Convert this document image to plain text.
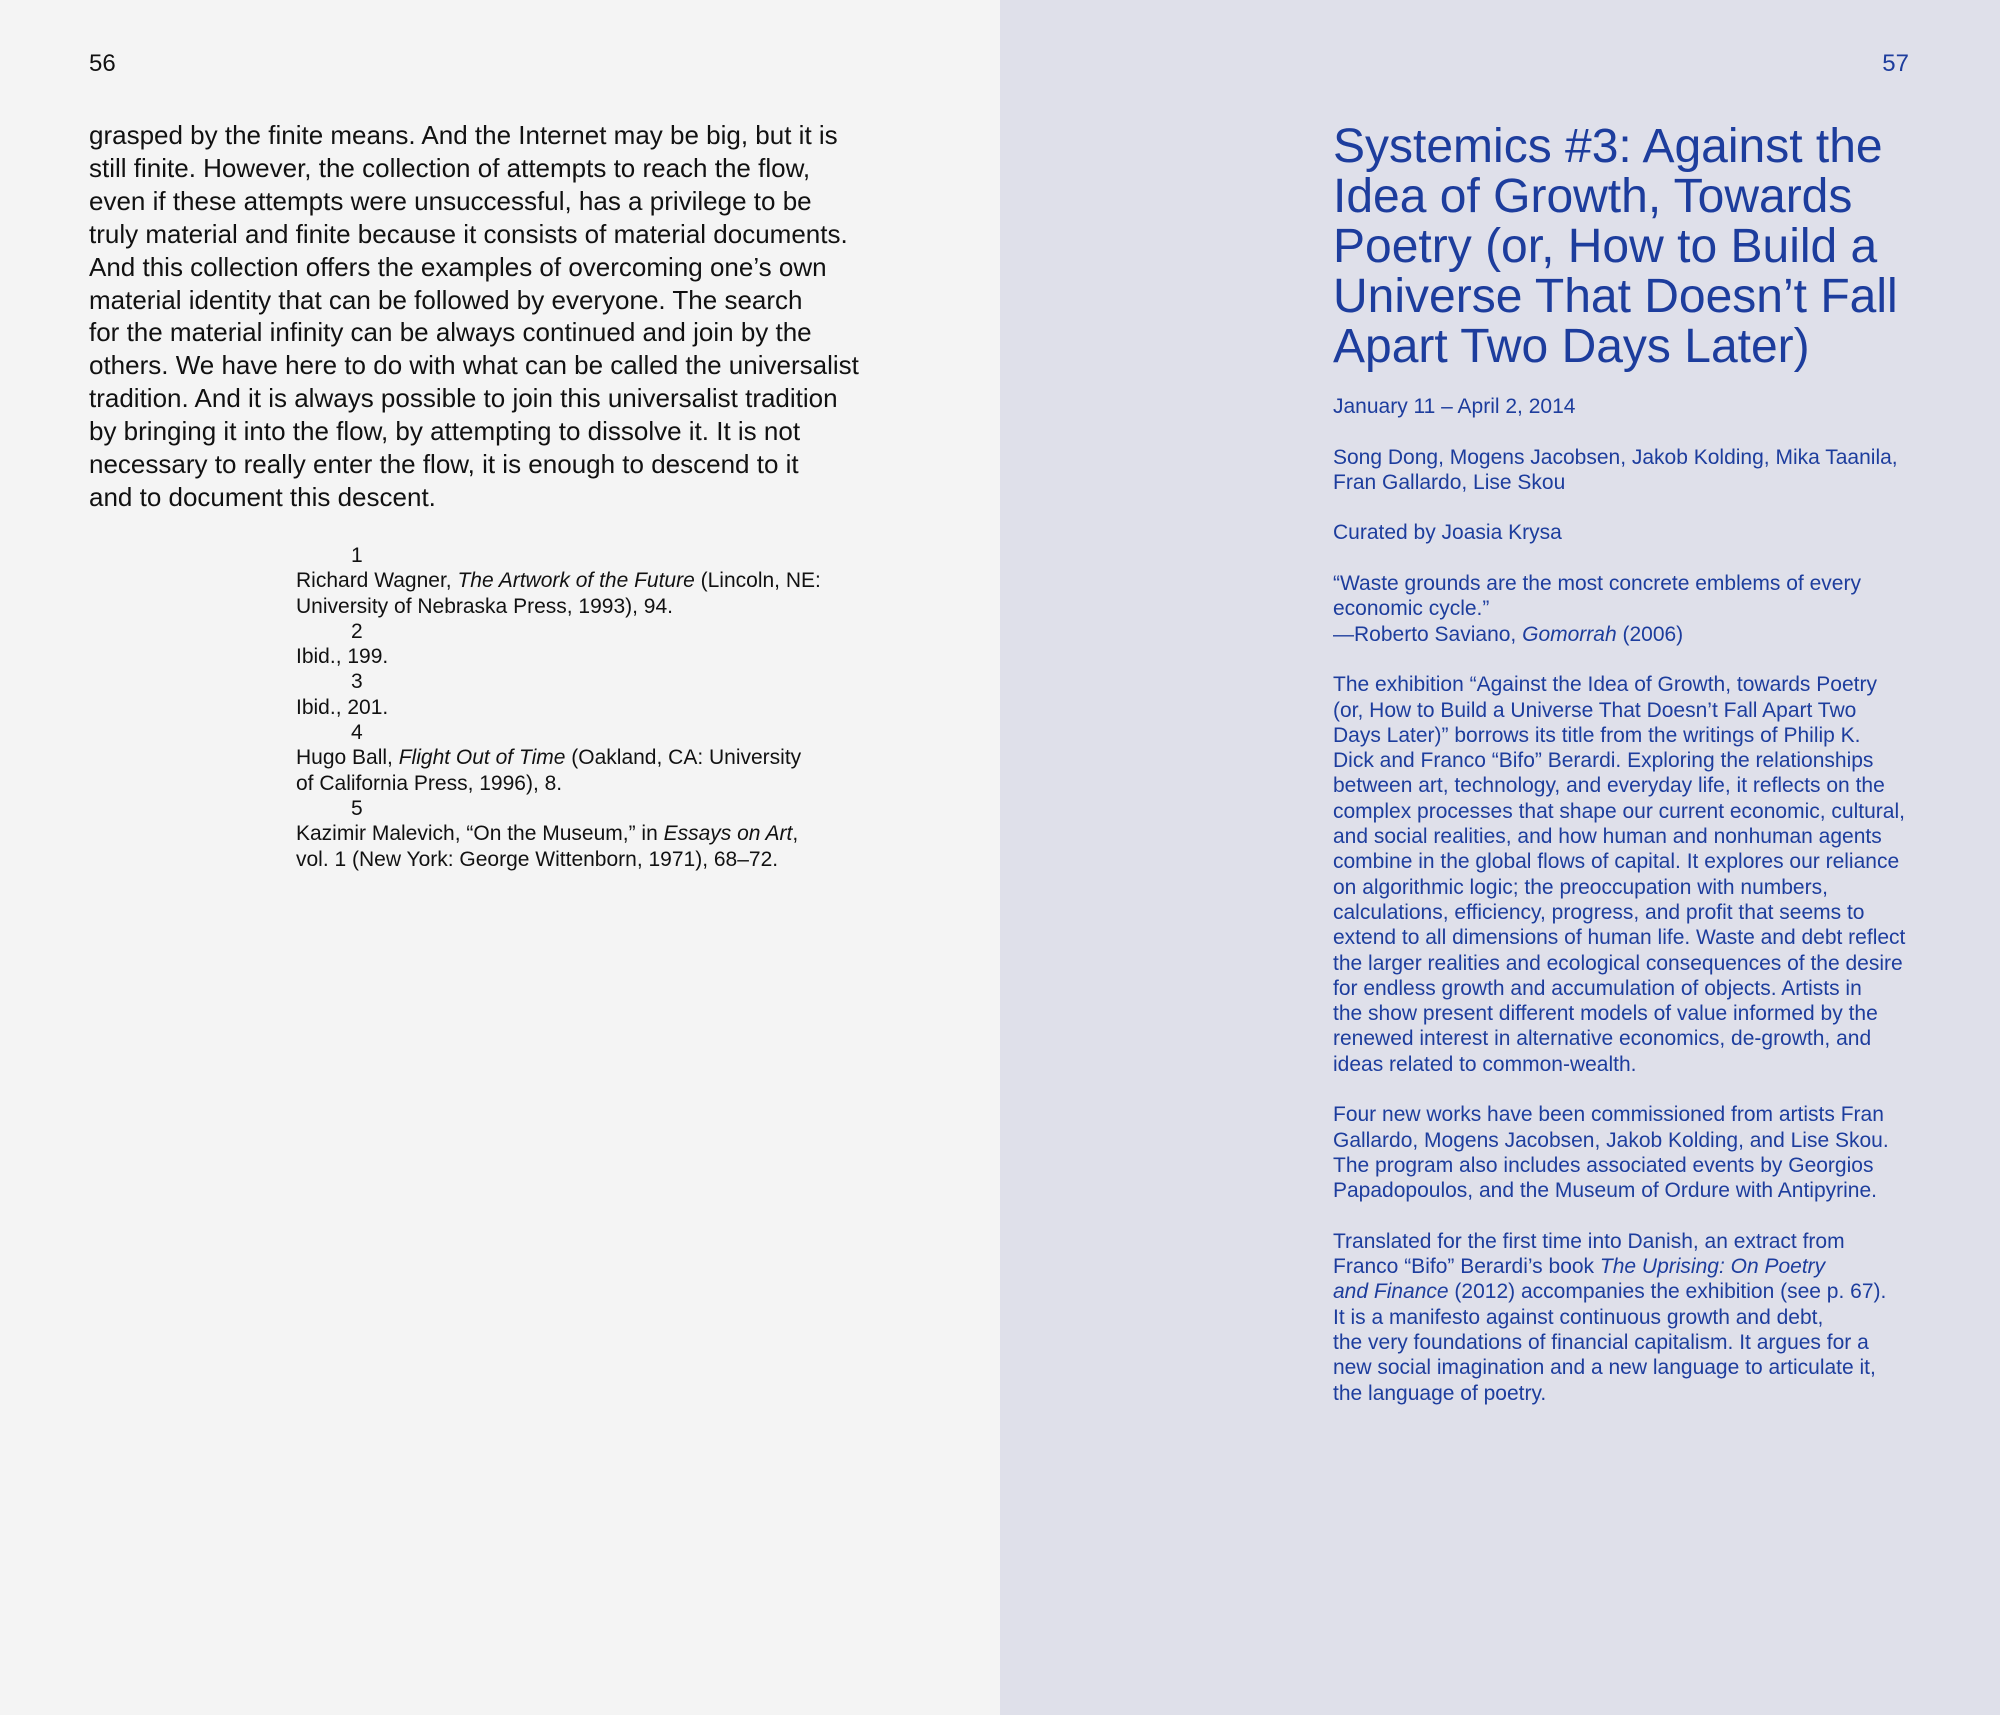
56
grasped by the finite means. And the Internet may be big, but it is
still finite. However, the collection of attempts to reach the flow,
even if these attempts were unsuccessful, has a privilege to be
truly material and finite because it consists of material documents.
And this collection offers the examples of overcoming one’s own
material identity that can be followed by everyone. The search
for the material infinity can be always continued and join by the
others. We have here to do with what can be called the universalist
tradition. And it is always possible to join this universalist tradition
by bringing it into the flow, by attempting to dissolve it. It is not
necessary to really enter the flow, it is enough to descend to it
and to document this descent.
1
Richard Wagner, The Artwork of the Future (Lincoln, NE:
University of Nebraska Press, 1993), 94.
2
Ibid., 199.
3
Ibid., 201.
4
Hugo Ball, Flight Out of Time (Oakland, CA: University
of California Press, 1996), 8.
5
Kazimir Malevich, “On the Museum,” in Essays on Art,
vol. 1 (New York: George Wittenborn, 1971), 68–72.
57
Systemics #3: Against the
Idea of Growth, Towards
Poetry (or, How to Build a
Universe That Doesn’t Fall
Apart Two Days Later)
January 11 – April 2, 2014
Song Dong, Mogens Jacobsen, Jakob Kolding, Mika Taanila,
Fran Gallardo, Lise Skou
Curated by Joasia Krysa
“Waste grounds are the most concrete emblems of every
economic cycle.”
—Roberto Saviano, Gomorrah (2006)
The exhibition “Against the Idea of Growth, towards Poetry
(or, How to Build a Universe That Doesn’t Fall Apart Two
Days Later)” borrows its title from the writings of Philip K.
Dick and Franco “Bifo” Berardi. Exploring the relationships
between art, technology, and everyday life, it reflects on the
complex processes that shape our current economic, cultural,
and social realities, and how human and nonhuman agents
combine in the global flows of capital. It explores our reliance
on algorithmic logic; the preoccupation with numbers,
calculations, efficiency, progress, and profit that seems to
extend to all dimensions of human life. Waste and debt reflect
the larger realities and ecological consequences of the desire
for endless growth and accumulation of objects. Artists in
the show present different models of value informed by the
renewed interest in alternative economics, de-growth, and
ideas related to common-wealth.
Four new works have been commissioned from artists Fran
Gallardo, Mogens Jacobsen, Jakob Kolding, and Lise Skou.
The program also includes associated events by Georgios
Papadopoulos, and the Museum of Ordure with Antipyrine.
Translated for the first time into Danish, an extract from
Franco “Bifo” Berardi’s book The Uprising: On Poetry
and Finance (2012) accompanies the exhibition (see p. 67).
It is a manifesto against continuous growth and debt,
the very foundations of financial capitalism. It argues for a
new social imagination and a new language to articulate it,
the language of poetry.
